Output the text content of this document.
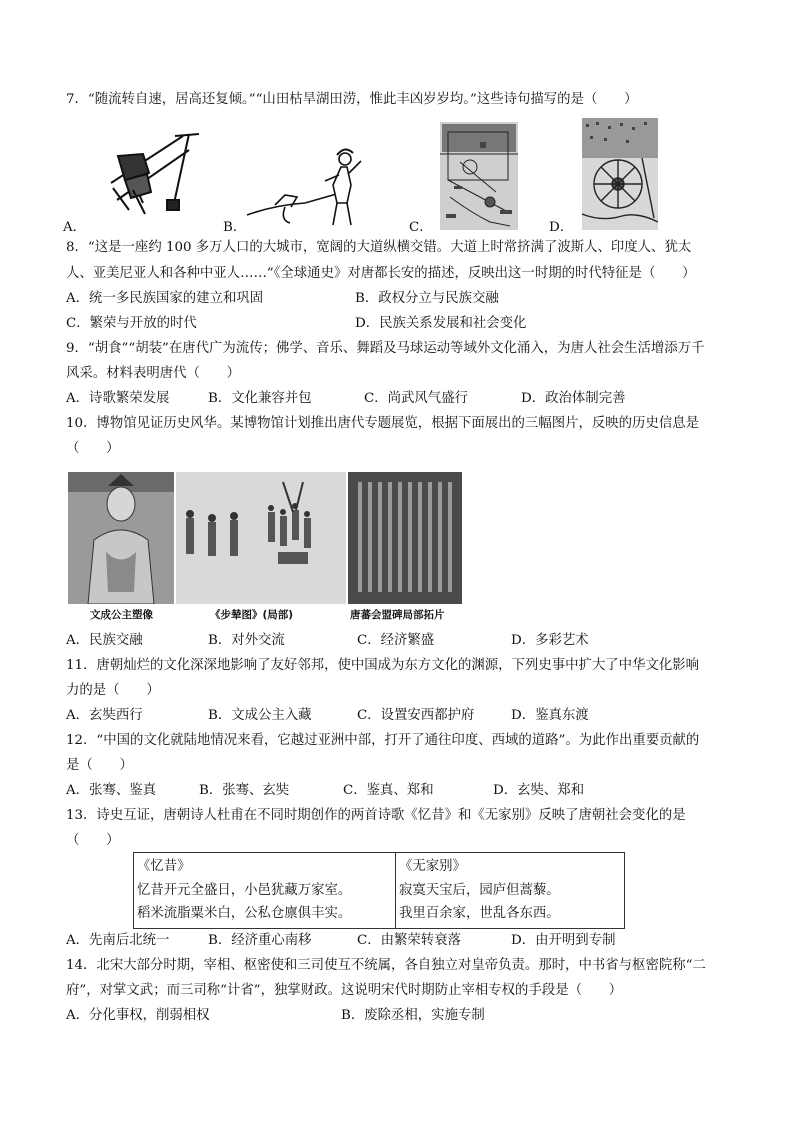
7．“随流转自速，居高还复倾。”“山田枯旱湖田涝，惟此丰凶岁岁均。”这些诗句描写的是（　　）
A．	B．	C．	D．
8．“这是一座约 100 多万人口的大城市，宽阔的大道纵横交错。大道上时常挤满了波斯人、印度人、犹太
人、亚美尼亚人和各种中亚人……”《全球通史》对唐都长安的描述，反映出这一时期的时代特征是（　　）
A．统一多民族国家的建立和巩固	B．政权分立与民族交融
C．繁荣与开放的时代	D．民族关系发展和社会变化
9．“胡食”“胡装”在唐代广为流传；佛学、音乐、舞蹈及马球运动等域外文化涌入，为唐人社会生活增添万千
风采。材料表明唐代（　　）
A．诗歌繁荣发展	B．文化兼容并包	C．尚武风气盛行	D．政治体制完善
10．博物馆见证历史风华。某博物馆计划推出唐代专题展览，根据下面展出的三幅图片，反映的历史信息是
（　　）
文成公主塑像	《步辇图》(局部)	唐蕃会盟碑局部拓片
A．民族交融	B．对外交流	C．经济繁盛	D．多彩艺术
11．唐朝灿烂的文化深深地影响了友好邻邦，使中国成为东方文化的渊源，下列史事中扩大了中华文化影响
力的是（　　）
A．玄奘西行	B．文成公主入藏	C．设置安西都护府	D．鉴真东渡
12．“中国的文化就陆地情况来看，它越过亚洲中部，打开了通往印度、西域的道路”。为此作出重要贡献的
是（　　）
A．张骞、鉴真	B．张骞、玄奘	C．鉴真、郑和	D．玄奘、郑和
13．诗史互证，唐朝诗人杜甫在不同时期创作的两首诗歌《忆昔》和《无家别》反映了唐朝社会变化的是
（　　）
《忆昔》
忆昔开元全盛日，小邑犹藏万家室。
稻米流脂粟米白，公私仓廪俱丰实。

《无家别》
寂寞天宝后，园庐但蒿藜。
我里百余家，世乱各东西。
A．先南后北统一	B．经济重心南移	C．由繁荣转衰落	D．由开明到专制
14．北宋大部分时期，宰相、枢密使和三司使互不统属，各自独立对皇帝负责。那时，中书省与枢密院称“二
府”，对掌文武；而三司称“计省”，独掌财政。这说明宋代时期防止宰相专权的手段是（　　）
A．分化事权，削弱相权	B．废除丞相，实施专制
